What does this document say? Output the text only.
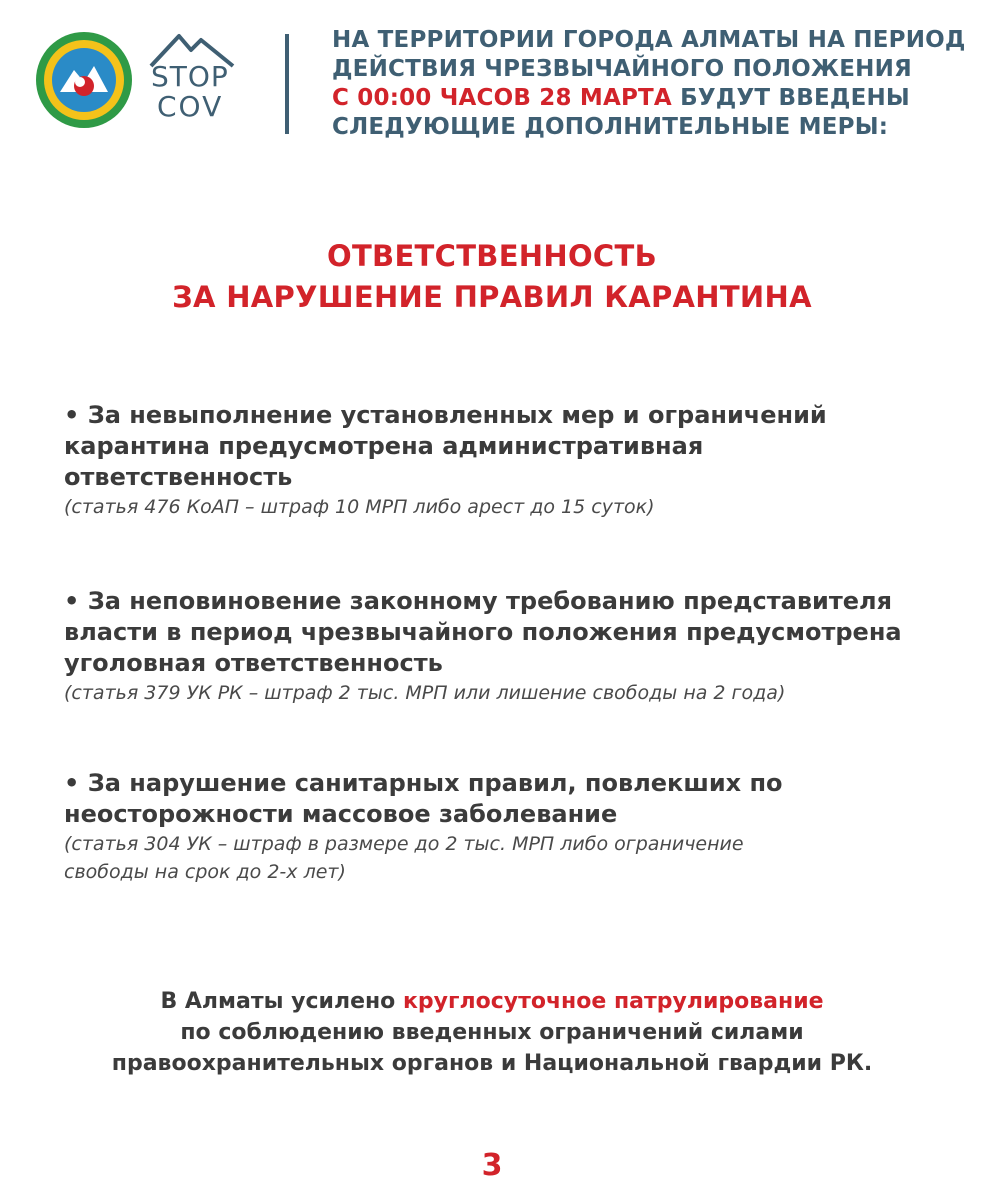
STOP
COV
НА ТЕРРИТОРИИ ГОРОДА АЛМАТЫ НА ПЕРИОД
ДЕЙСТВИЯ ЧРЕЗВЫЧАЙНОГО ПОЛОЖЕНИЯ
С 00:00 ЧАСОВ 28 МАРТА БУДУТ ВВЕДЕНЫ
СЛЕДУЮЩИЕ ДОПОЛНИТЕЛЬНЫЕ МЕРЫ:
ОТВЕТСТВЕННОСТЬ
ЗА НАРУШЕНИЕ ПРАВИЛ КАРАНТИНА
• За невыполнение установленных мер и ограничений
карантина предусмотрена административная
ответственность
(статья 476 КоАП – штраф 10 МРП либо арест до 15 суток)
• За неповиновение законному требованию представителя
власти в период чрезвычайного положения предусмотрена
уголовная ответственность
(статья 379 УК РК – штраф 2 тыс. МРП или лишение свободы на 2 года)
• За нарушение санитарных правил, повлекших по
неосторожности массовое заболевание
(статья 304 УК – штраф в размере до 2 тыс. МРП либо ограничение
свободы на срок до 2-х лет)
В Алматы усилено круглосуточное патрулирование
по соблюдению введенных ограничений силами
правоохранительных органов и Национальной гвардии РК.
3
